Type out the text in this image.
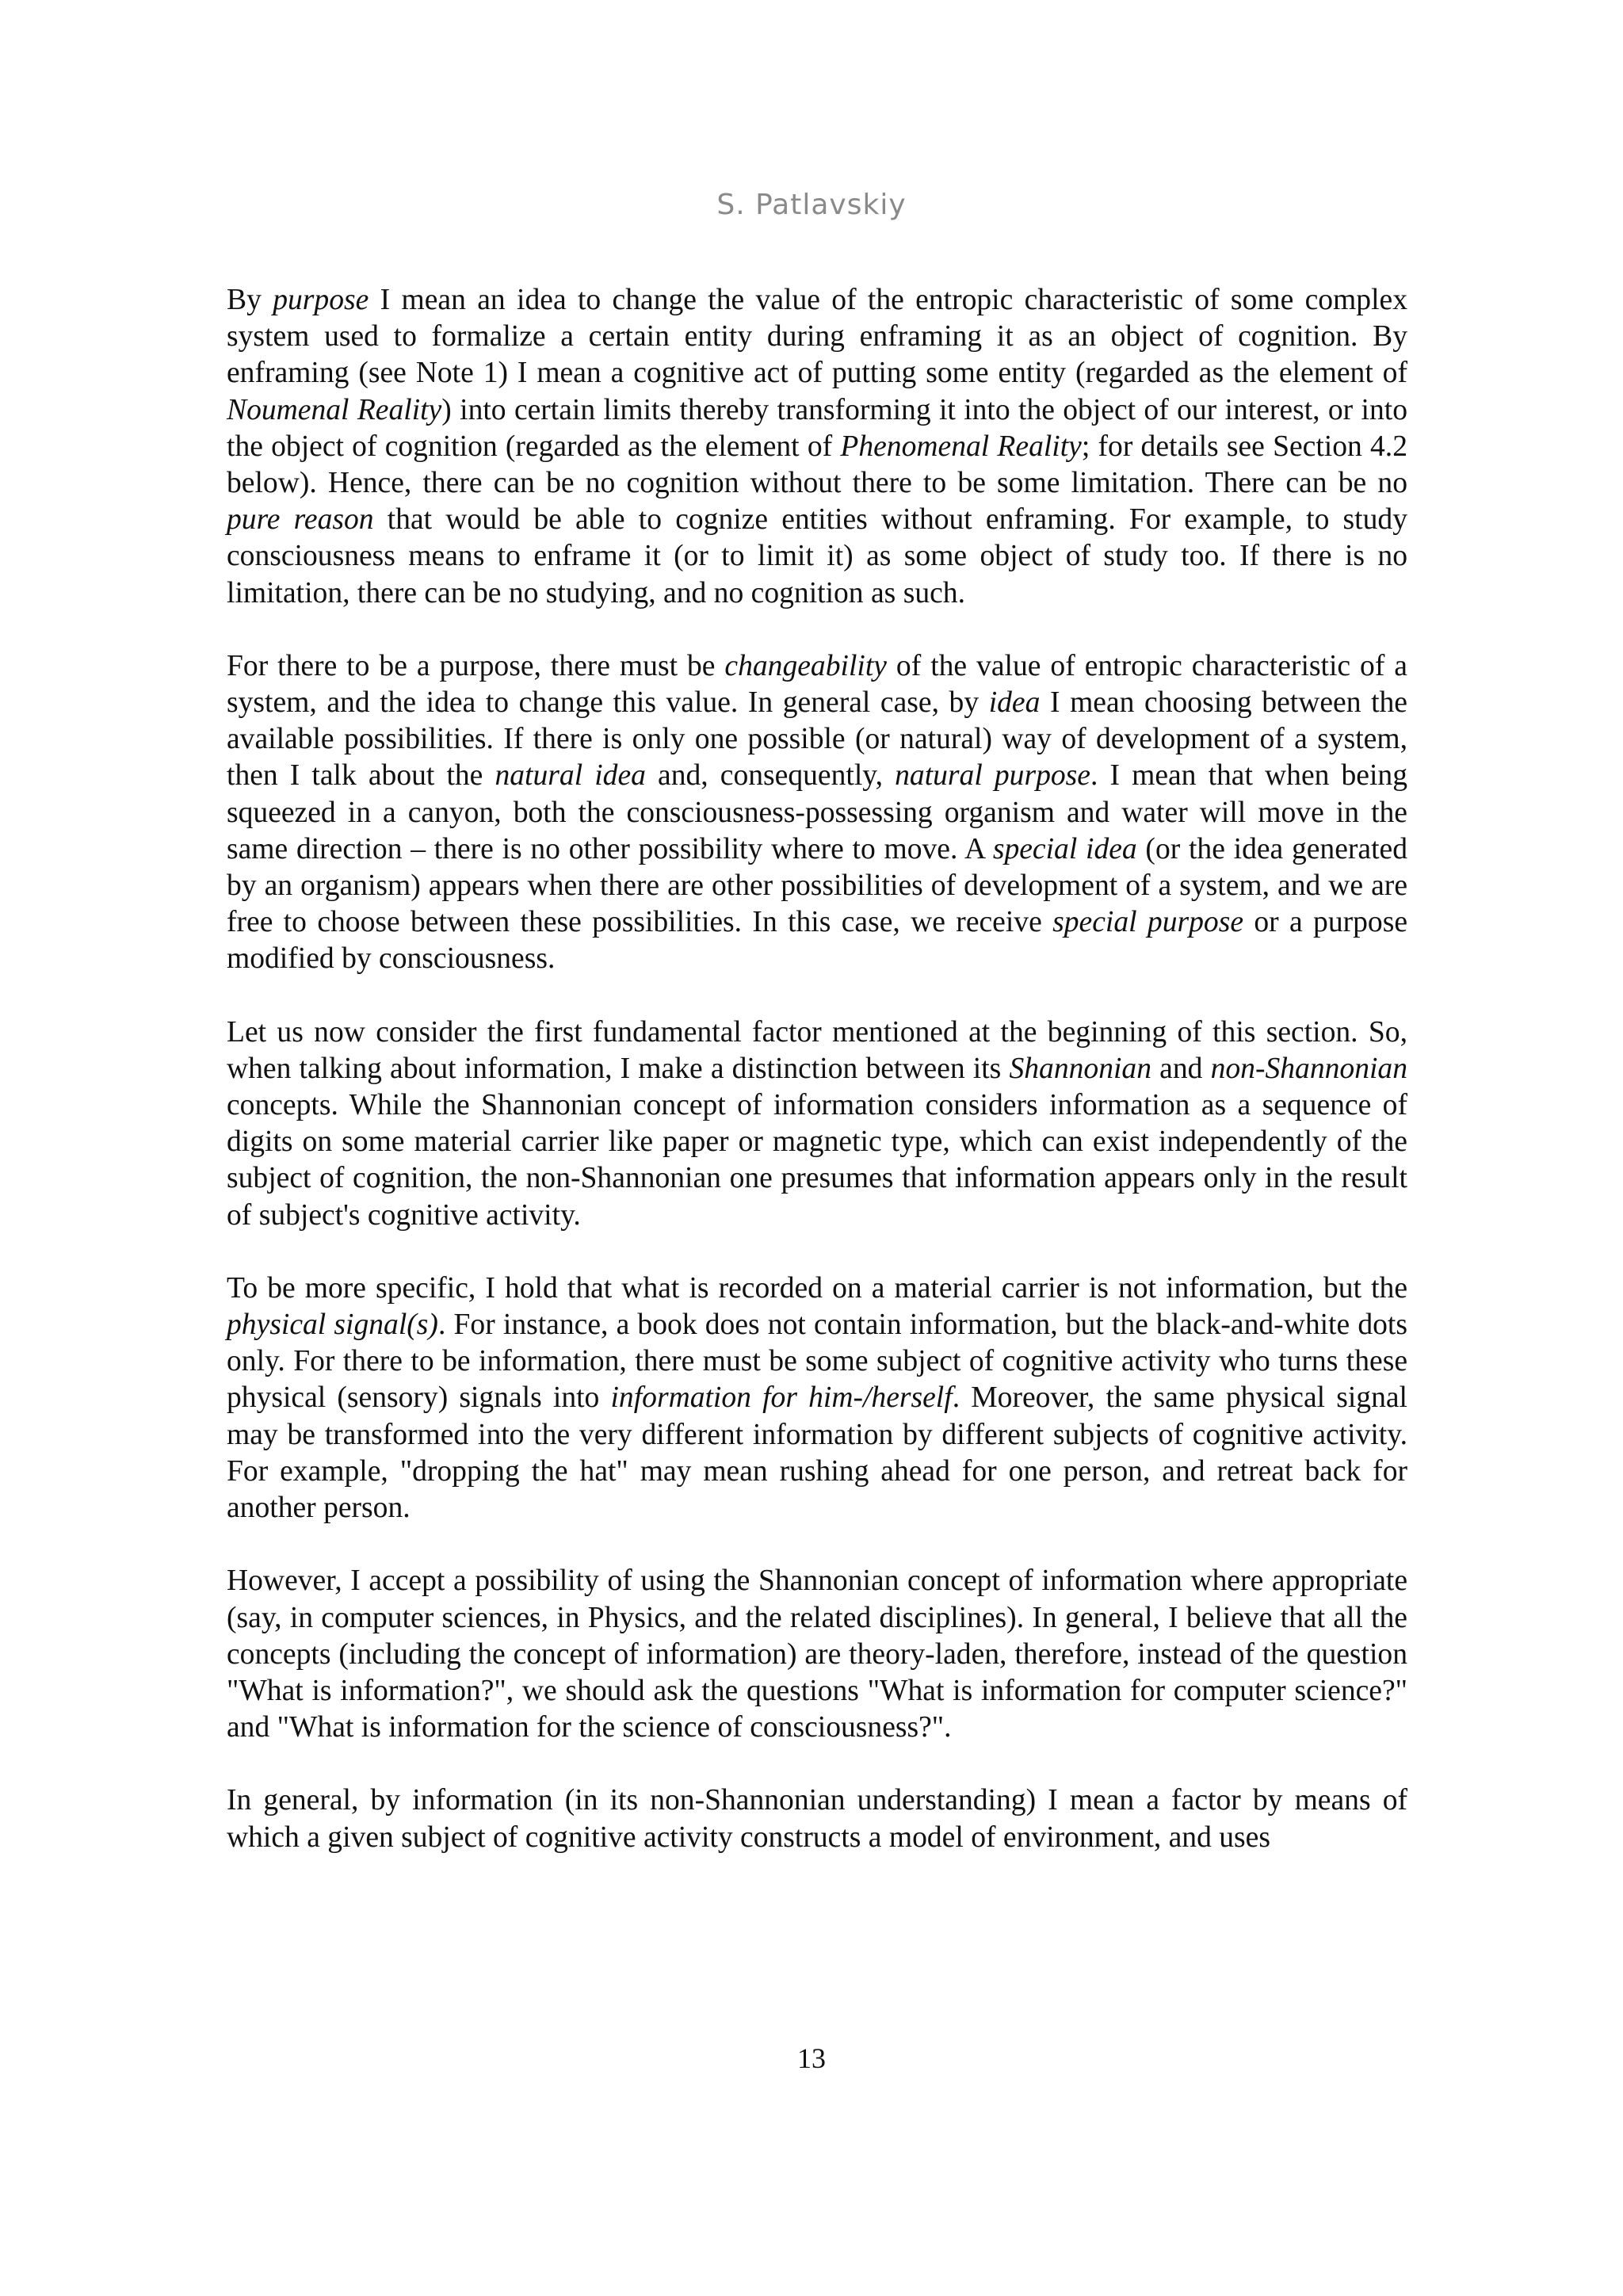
S. Patlavskiy

By purpose I mean an idea to change the value of the entropic characteristic of some complex system used to formalize a certain entity during enframing it as an object of cognition. By enframing (see Note 1) I mean a cognitive act of putting some entity (regarded as the element of Noumenal Reality) into certain limits thereby transforming it into the object of our interest, or into the object of cognition (regarded as the element of Phenomenal Reality; for details see Section 4.2 below). Hence, there can be no cognition without there to be some limitation. There can be no pure reason that would be able to cognize entities without enframing. For example, to study consciousness means to enframe it (or to limit it) as some object of study too. If there is no limitation, there can be no studying, and no cognition as such.

For there to be a purpose, there must be changeability of the value of entropic characteristic of a system, and the idea to change this value. In general case, by idea I mean choosing between the available possibilities. If there is only one possible (or natural) way of development of a system, then I talk about the natural idea and, consequently, natural purpose. I mean that when being squeezed in a canyon, both the consciousness-possessing organism and water will move in the same direction – there is no other possibility where to move. A special idea (or the idea generated by an organism) appears when there are other possibilities of development of a system, and we are free to choose between these possibilities. In this case, we receive special purpose or a purpose modified by consciousness.

Let us now consider the first fundamental factor mentioned at the beginning of this section. So, when talking about information, I make a distinction between its Shannonian and non-Shannonian concepts. While the Shannonian concept of information considers information as a sequence of digits on some material carrier like paper or magnetic type, which can exist independently of the subject of cognition, the non-Shannonian one presumes that information appears only in the result of subject's cognitive activity.

To be more specific, I hold that what is recorded on a material carrier is not information, but the physical signal(s). For instance, a book does not contain information, but the black-and-white dots only. For there to be information, there must be some subject of cognitive activity who turns these physical (sensory) signals into information for him-/herself. Moreover, the same physical signal may be transformed into the very different information by different subjects of cognitive activity. For example, "dropping the hat" may mean rushing ahead for one person, and retreat back for another person.

However, I accept a possibility of using the Shannonian concept of information where appropriate (say, in computer sciences, in Physics, and the related disciplines). In general, I believe that all the concepts (including the concept of information) are theory-laden, therefore, instead of the question "What is information?", we should ask the questions "What is information for computer science?" and "What is information for the science of consciousness?".

In general, by information (in its non-Shannonian understanding) I mean a factor by means of which a given subject of cognitive activity constructs a model of environment, and uses

13
